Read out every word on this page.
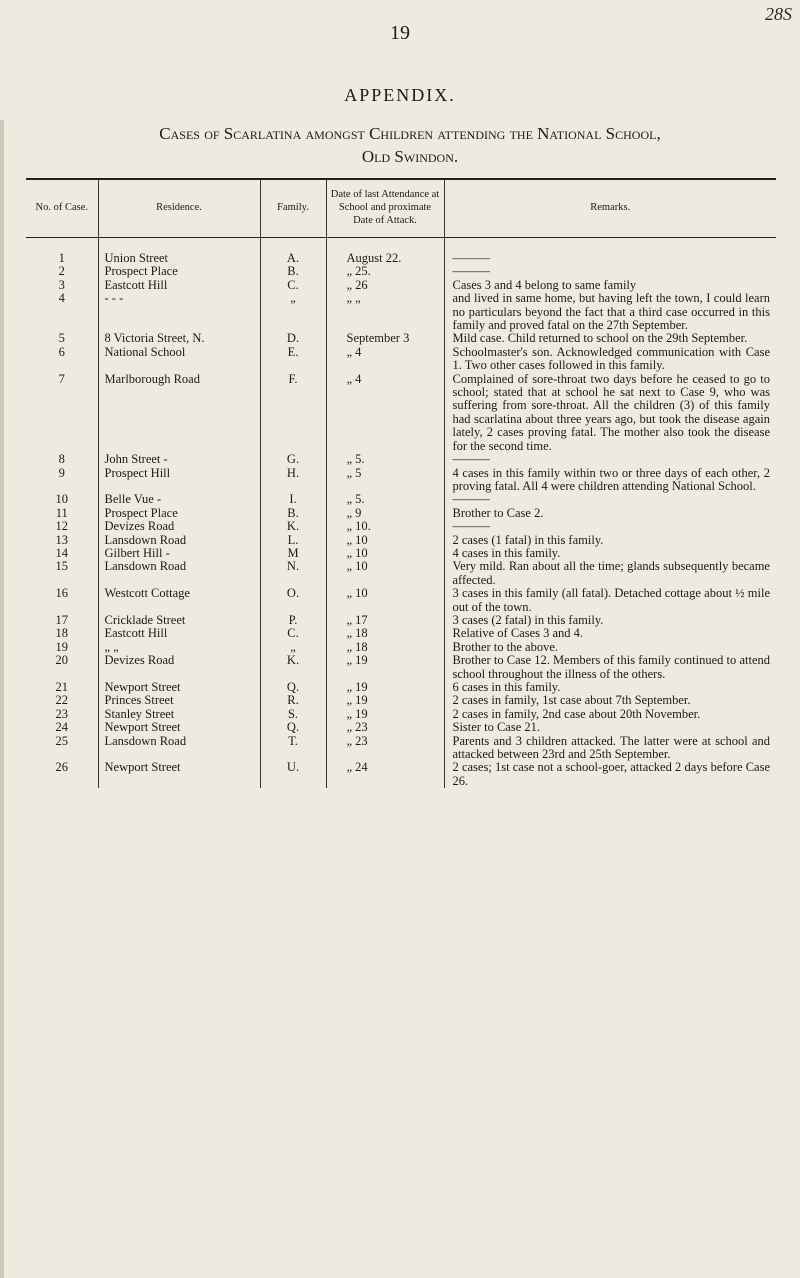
28S
19
APPENDIX.
Cases of Scarlatina amongst Children attending the National School,
Old Swindon.
No. of Case.	Residence.	Family.	Date of last Attendance at School and proximate Date of Attack.	Remarks.
1	Union Street	A.	August 22.	———
2	Prospect Place	B.	„ 25.	———
3	Eastcott Hill	C.	„ 26	Cases 3 and 4 belong to same family
4	- - -	„	„ „	and lived in same home, but having left the town, I could learn no particulars beyond the fact that a third case occurred in this family and proved fatal on the 27th September.
5	8 Victoria Street, N.	D.	September 3	Mild case. Child returned to school on the 29th September.
6	National School	E.	„ 4	Schoolmaster's son. Acknowledged communication with Case 1. Two other cases followed in this family.
7	Marlborough Road	F.	„ 4	Complained of sore-throat two days before he ceased to go to school; stated that at school he sat next to Case 9, who was suffering from sore-throat. All the children (3) of this family had scarlatina about three years ago, but took the disease again lately, 2 cases proving fatal. The mother also took the disease for the second time.
8	John Street -	G.	„ 5.	———
9	Prospect Hill	H.	„ 5	4 cases in this family within two or three days of each other, 2 proving fatal. All 4 were children attending National School.
10	Belle Vue -	I.	„ 5.	———
11	Prospect Place	B.	„ 9	Brother to Case 2.
12	Devizes Road	K.	„ 10.	———
13	Lansdown Road	L.	„ 10	2 cases (1 fatal) in this family.
14	Gilbert Hill -	M	„ 10	4 cases in this family.
15	Lansdown Road	N.	„ 10	Very mild. Ran about all the time; glands subsequently became affected.
16	Westcott Cottage	O.	„ 10	3 cases in this family (all fatal). Detached cottage about ½ mile out of the town.
17	Cricklade Street	P.	„ 17	3 cases (2 fatal) in this family.
18	Eastcott Hill	C.	„ 18	Relative of Cases 3 and 4.
19	„ „	„	„ 18	Brother to the above.
20	Devizes Road	K.	„ 19	Brother to Case 12. Members of this family continued to attend school throughout the illness of the others.
21	Newport Street	Q.	„ 19	6 cases in this family.
22	Princes Street	R.	„ 19	2 cases in family, 1st case about 7th September.
23	Stanley Street	S.	„ 19	2 cases in family, 2nd case about 20th November.
24	Newport Street	Q.	„ 23	Sister to Case 21.
25	Lansdown Road	T.	„ 23	Parents and 3 children attacked. The latter were at school and attacked between 23rd and 25th September.
26	Newport Street	U.	„ 24	2 cases; 1st case not a school-goer, attacked 2 days before Case 26.
